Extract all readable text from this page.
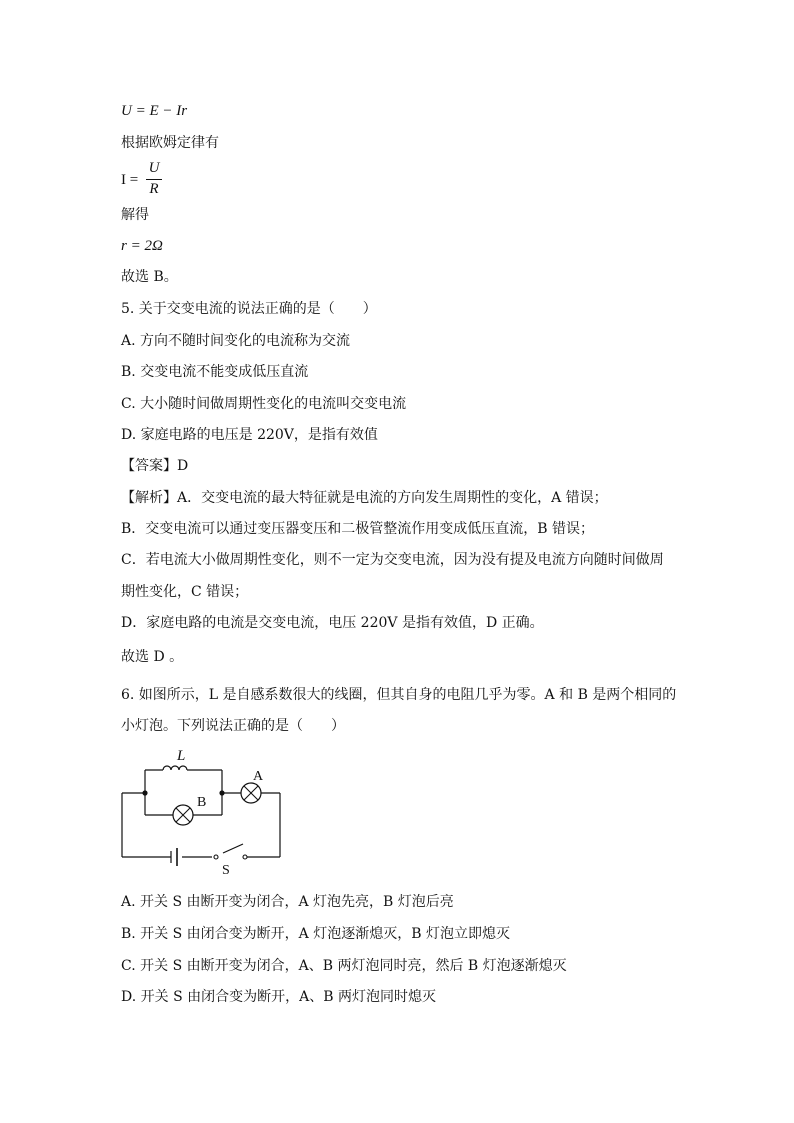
U = E − Ir
根据欧姆定律有
I =
U
R
解得
r = 2Ω
故选 B。
5. 关于交变电流的说法正确的是（　　）
A. 方向不随时间变化的电流称为交流
B. 交变电流不能变成低压直流
C. 大小随时间做周期性变化的电流叫交变电流
D. 家庭电路的电压是 220V，是指有效值
【答案】D
【解析】A．交变电流的最大特征就是电流的方向发生周期性的变化，A 错误；
B．交变电流可以通过变压器变压和二极管整流作用变成低压直流，B 错误；
C．若电流大小做周期性变化，则不一定为交变电流，因为没有提及电流方向随时间做周
期性变化，C 错误；
D．家庭电路的电流是交变电流，电压 220V 是指有效值，D 正确。
故选 D 。
6. 如图所示，L 是自感系数很大的线圈，但其自身的电阻几乎为零。A 和 B 是两个相同的
小灯泡。下列说法正确的是（　　）
L
A
B
S
A. 开关 S 由断开变为闭合，A 灯泡先亮，B 灯泡后亮
B. 开关 S 由闭合变为断开，A 灯泡逐渐熄灭，B 灯泡立即熄灭
C. 开关 S 由断开变为闭合，A、B 两灯泡同时亮，然后 B 灯泡逐渐熄灭
D. 开关 S 由闭合变为断开，A、B 两灯泡同时熄灭
